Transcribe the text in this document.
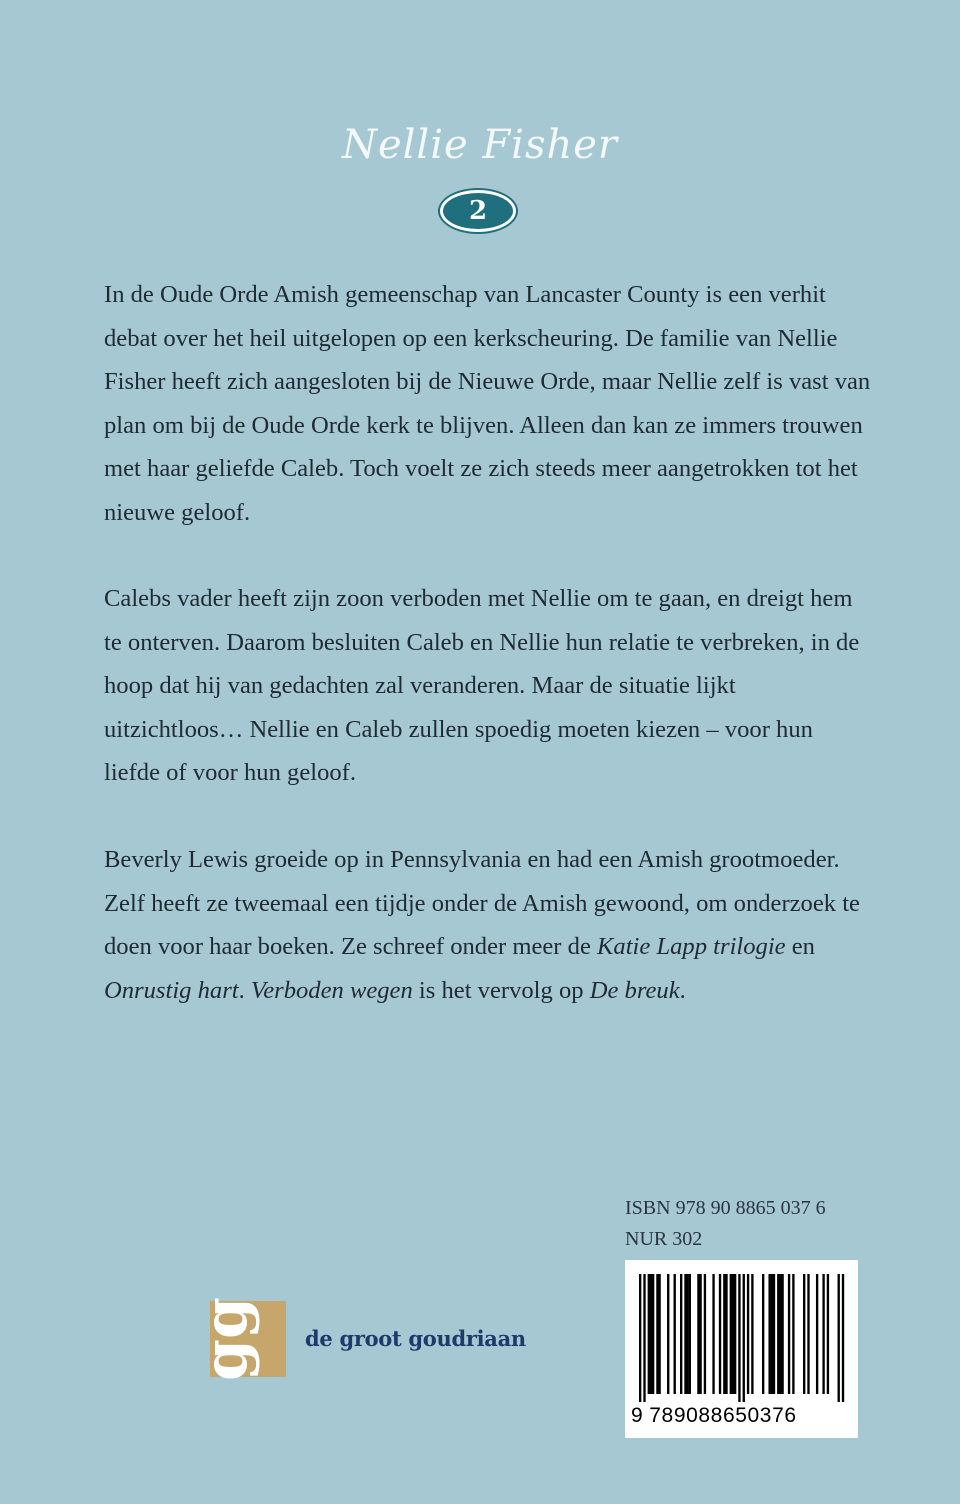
Nellie Fisher
2

In de Oude Orde Amish gemeenschap van Lancaster County is een verhit debat over het heil uitgelopen op een kerkscheuring. De familie van Nellie Fisher heeft zich aangesloten bij de Nieuwe Orde, maar Nellie zelf is vast van plan om bij de Oude Orde kerk te blijven. Alleen dan kan ze immers trouwen met haar geliefde Caleb. Toch voelt ze zich steeds meer aangetrokken tot het nieuwe geloof.

Calebs vader heeft zijn zoon verboden met Nellie om te gaan, en dreigt hem te onterven. Daarom besluiten Caleb en Nellie hun relatie te verbreken, in de hoop dat hij van gedachten zal veranderen. Maar de situatie lijkt uitzichtloos… Nellie en Caleb zullen spoedig moeten kiezen – voor hun liefde of voor hun geloof.

Beverly Lewis groeide op in Pennsylvania en had een Amish grootmoeder. Zelf heeft ze tweemaal een tijdje onder de Amish gewoond, om onderzoek te doen voor haar boeken. Ze schreef onder meer de Katie Lapp trilogie en Onrustig hart. Verboden wegen is het vervolg op De breuk.

ISBN 978 90 8865 037 6
NUR 302
9 789088650376
gg de groot goudriaan
